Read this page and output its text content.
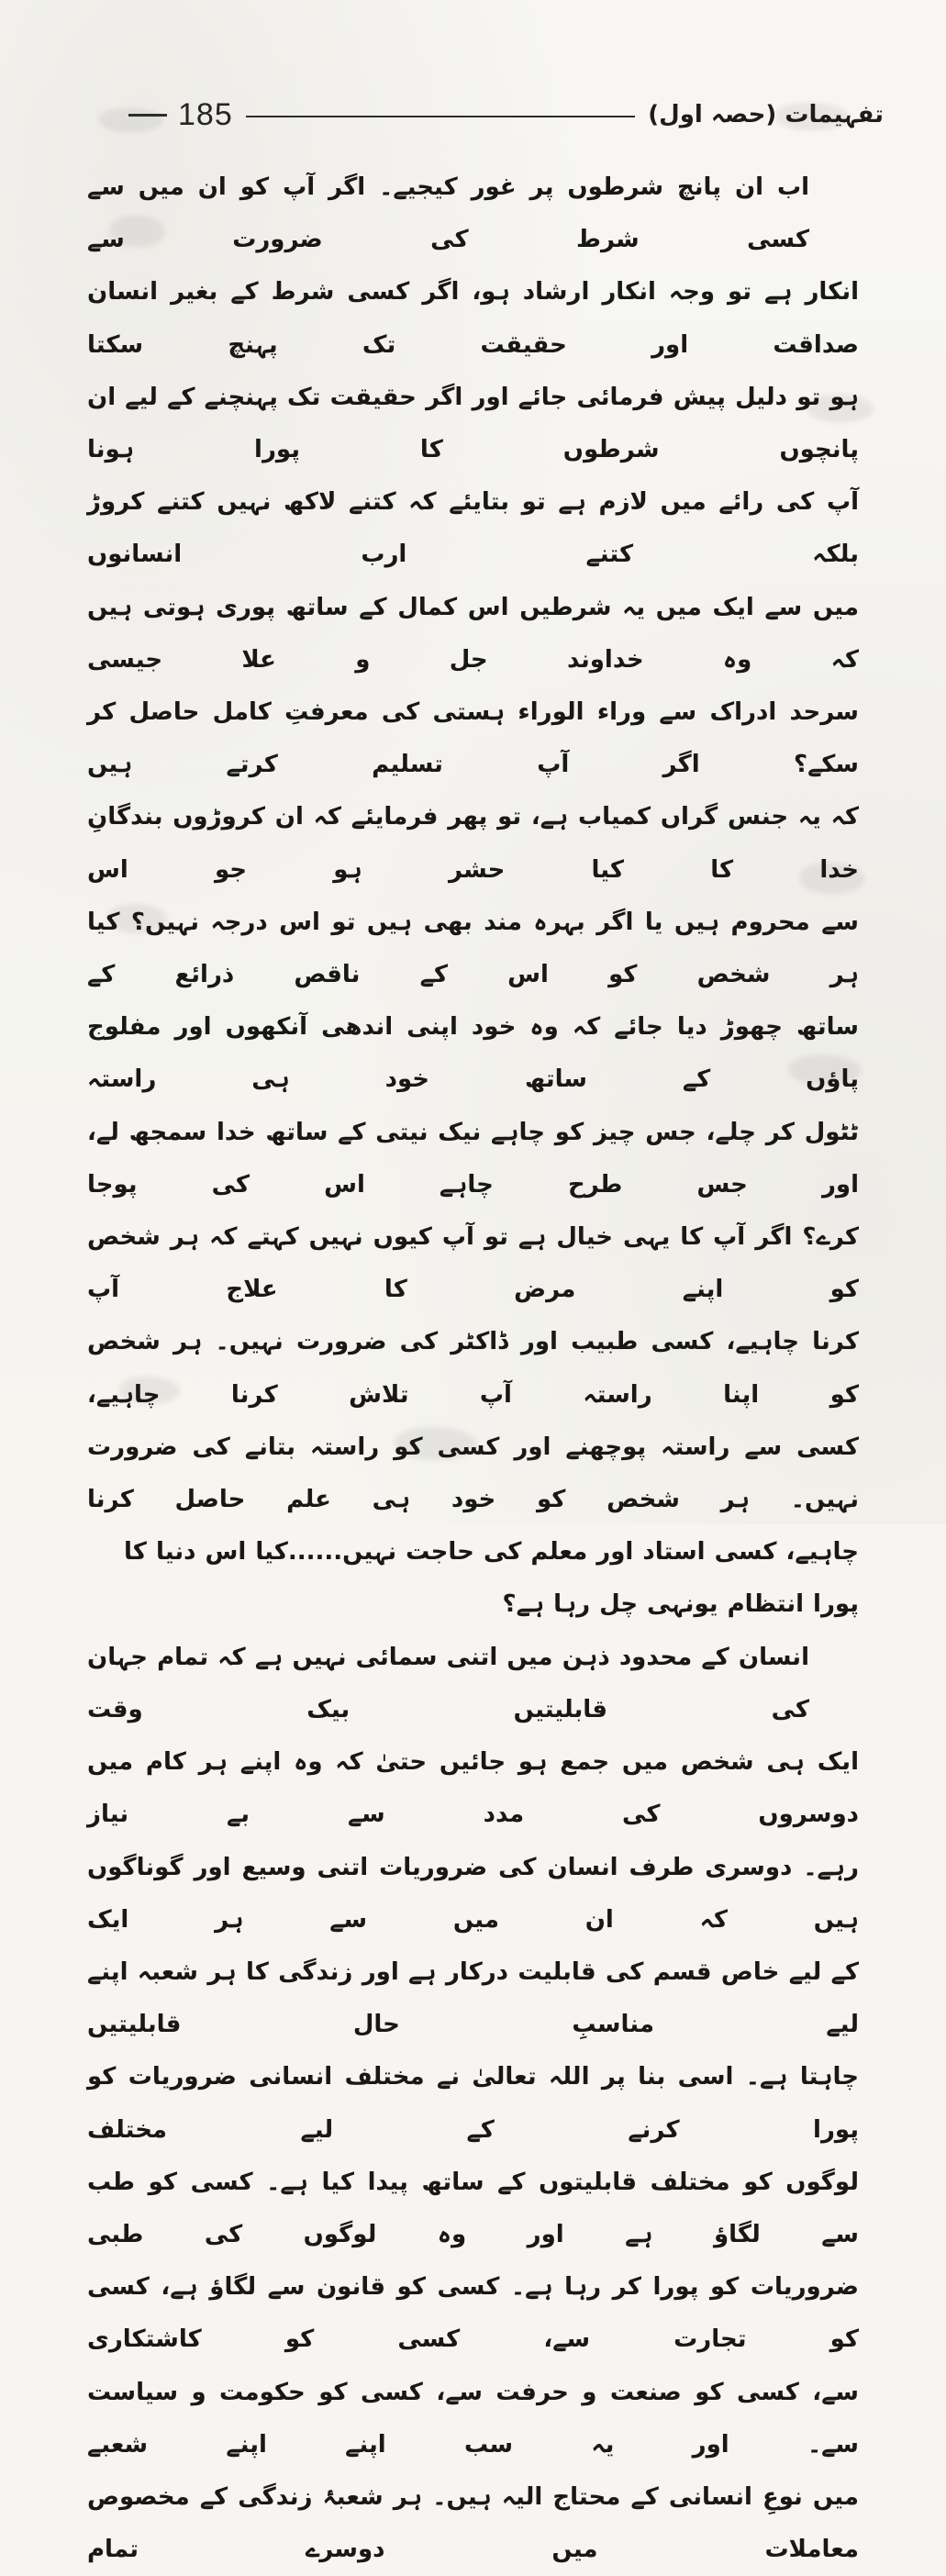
185	تفہیمات (حصہ اول)
اب ان پانچ شرطوں پر غور کیجیے۔ اگر آپ کو ان میں سے کسی شرط کی ضرورت سے
انکار ہے تو وجہ انکار ارشاد ہو، اگر کسی شرط کے بغیر انسان صداقت اور حقیقت تک پہنچ سکتا
ہو تو دلیل پیش فرمائی جائے اور اگر حقیقت تک پہنچنے کے لیے ان پانچوں شرطوں کا پورا ہونا
آپ کی رائے میں لازم ہے تو بتایئے کہ کتنے لاکھ نہیں کتنے کروڑ بلکہ کتنے ارب انسانوں
میں سے ایک میں یہ شرطیں اس کمال کے ساتھ پوری ہوتی ہیں کہ وہ خداوند جل و علا جیسی
سرحد ادراک سے وراء الوراء ہستی کی معرفتِ کامل حاصل کر سکے؟ اگر آپ تسلیم کرتے ہیں
کہ یہ جنس گراں کمیاب ہے، تو پھر فرمایئے کہ ان کروڑوں بندگانِ خدا کا کیا حشر ہو جو اس
سے محروم ہیں یا اگر بہرہ مند بھی ہیں تو اس درجہ نہیں؟ کیا ہر شخص کو اس کے ناقص ذرائع کے
ساتھ چھوڑ دیا جائے کہ وہ خود اپنی اندھی آنکھوں اور مفلوج پاؤں کے ساتھ خود ہی راستہ
ٹٹول کر چلے، جس چیز کو چاہے نیک نیتی کے ساتھ خدا سمجھ لے، اور جس طرح چاہے اس کی پوجا
کرے؟ اگر آپ کا یہی خیال ہے تو آپ کیوں نہیں کہتے کہ ہر شخص کو اپنے مرض کا علاج آپ
کرنا چاہیے، کسی طبیب اور ڈاکٹر کی ضرورت نہیں۔ ہر شخص کو اپنا راستہ آپ تلاش کرنا چاہیے،
کسی سے راستہ پوچھنے اور کسی کو راستہ بتانے کی ضرورت نہیں۔ ہر شخص کو خود ہی علم حاصل کرنا
چاہیے، کسی استاد اور معلم کی حاجت نہیں......کیا اس دنیا کا پورا انتظام یونہی چل رہا ہے؟
انسان کے محدود ذہن میں اتنی سمائی نہیں ہے کہ تمام جہان کی قابلیتیں بیک وقت
ایک ہی شخص میں جمع ہو جائیں حتیٰ کہ وہ اپنے ہر کام میں دوسروں کی مدد سے بے نیاز
رہے۔ دوسری طرف انسان کی ضروریات اتنی وسیع اور گوناگوں ہیں کہ ان میں سے ہر ایک
کے لیے خاص قسم کی قابلیت درکار ہے اور زندگی کا ہر شعبہ اپنے لیے مناسبِ حال قابلیتیں
چاہتا ہے۔ اسی بنا پر اللہ تعالیٰ نے مختلف انسانی ضروریات کو پورا کرنے کے لیے مختلف
لوگوں کو مختلف قابلیتوں کے ساتھ پیدا کیا ہے۔ کسی کو طب سے لگاؤ ہے اور وہ لوگوں کی طبی
ضروریات کو پورا کر رہا ہے۔ کسی کو قانون سے لگاؤ ہے، کسی کو تجارت سے، کسی کو کاشتکاری
سے، کسی کو صنعت و حرفت سے، کسی کو حکومت و سیاست سے۔ اور یہ سب اپنے اپنے شعبے
میں نوعِ انسانی کے محتاج الیہ ہیں۔ ہر شعبۂ زندگی کے مخصوص معاملات میں دوسرے تمام
